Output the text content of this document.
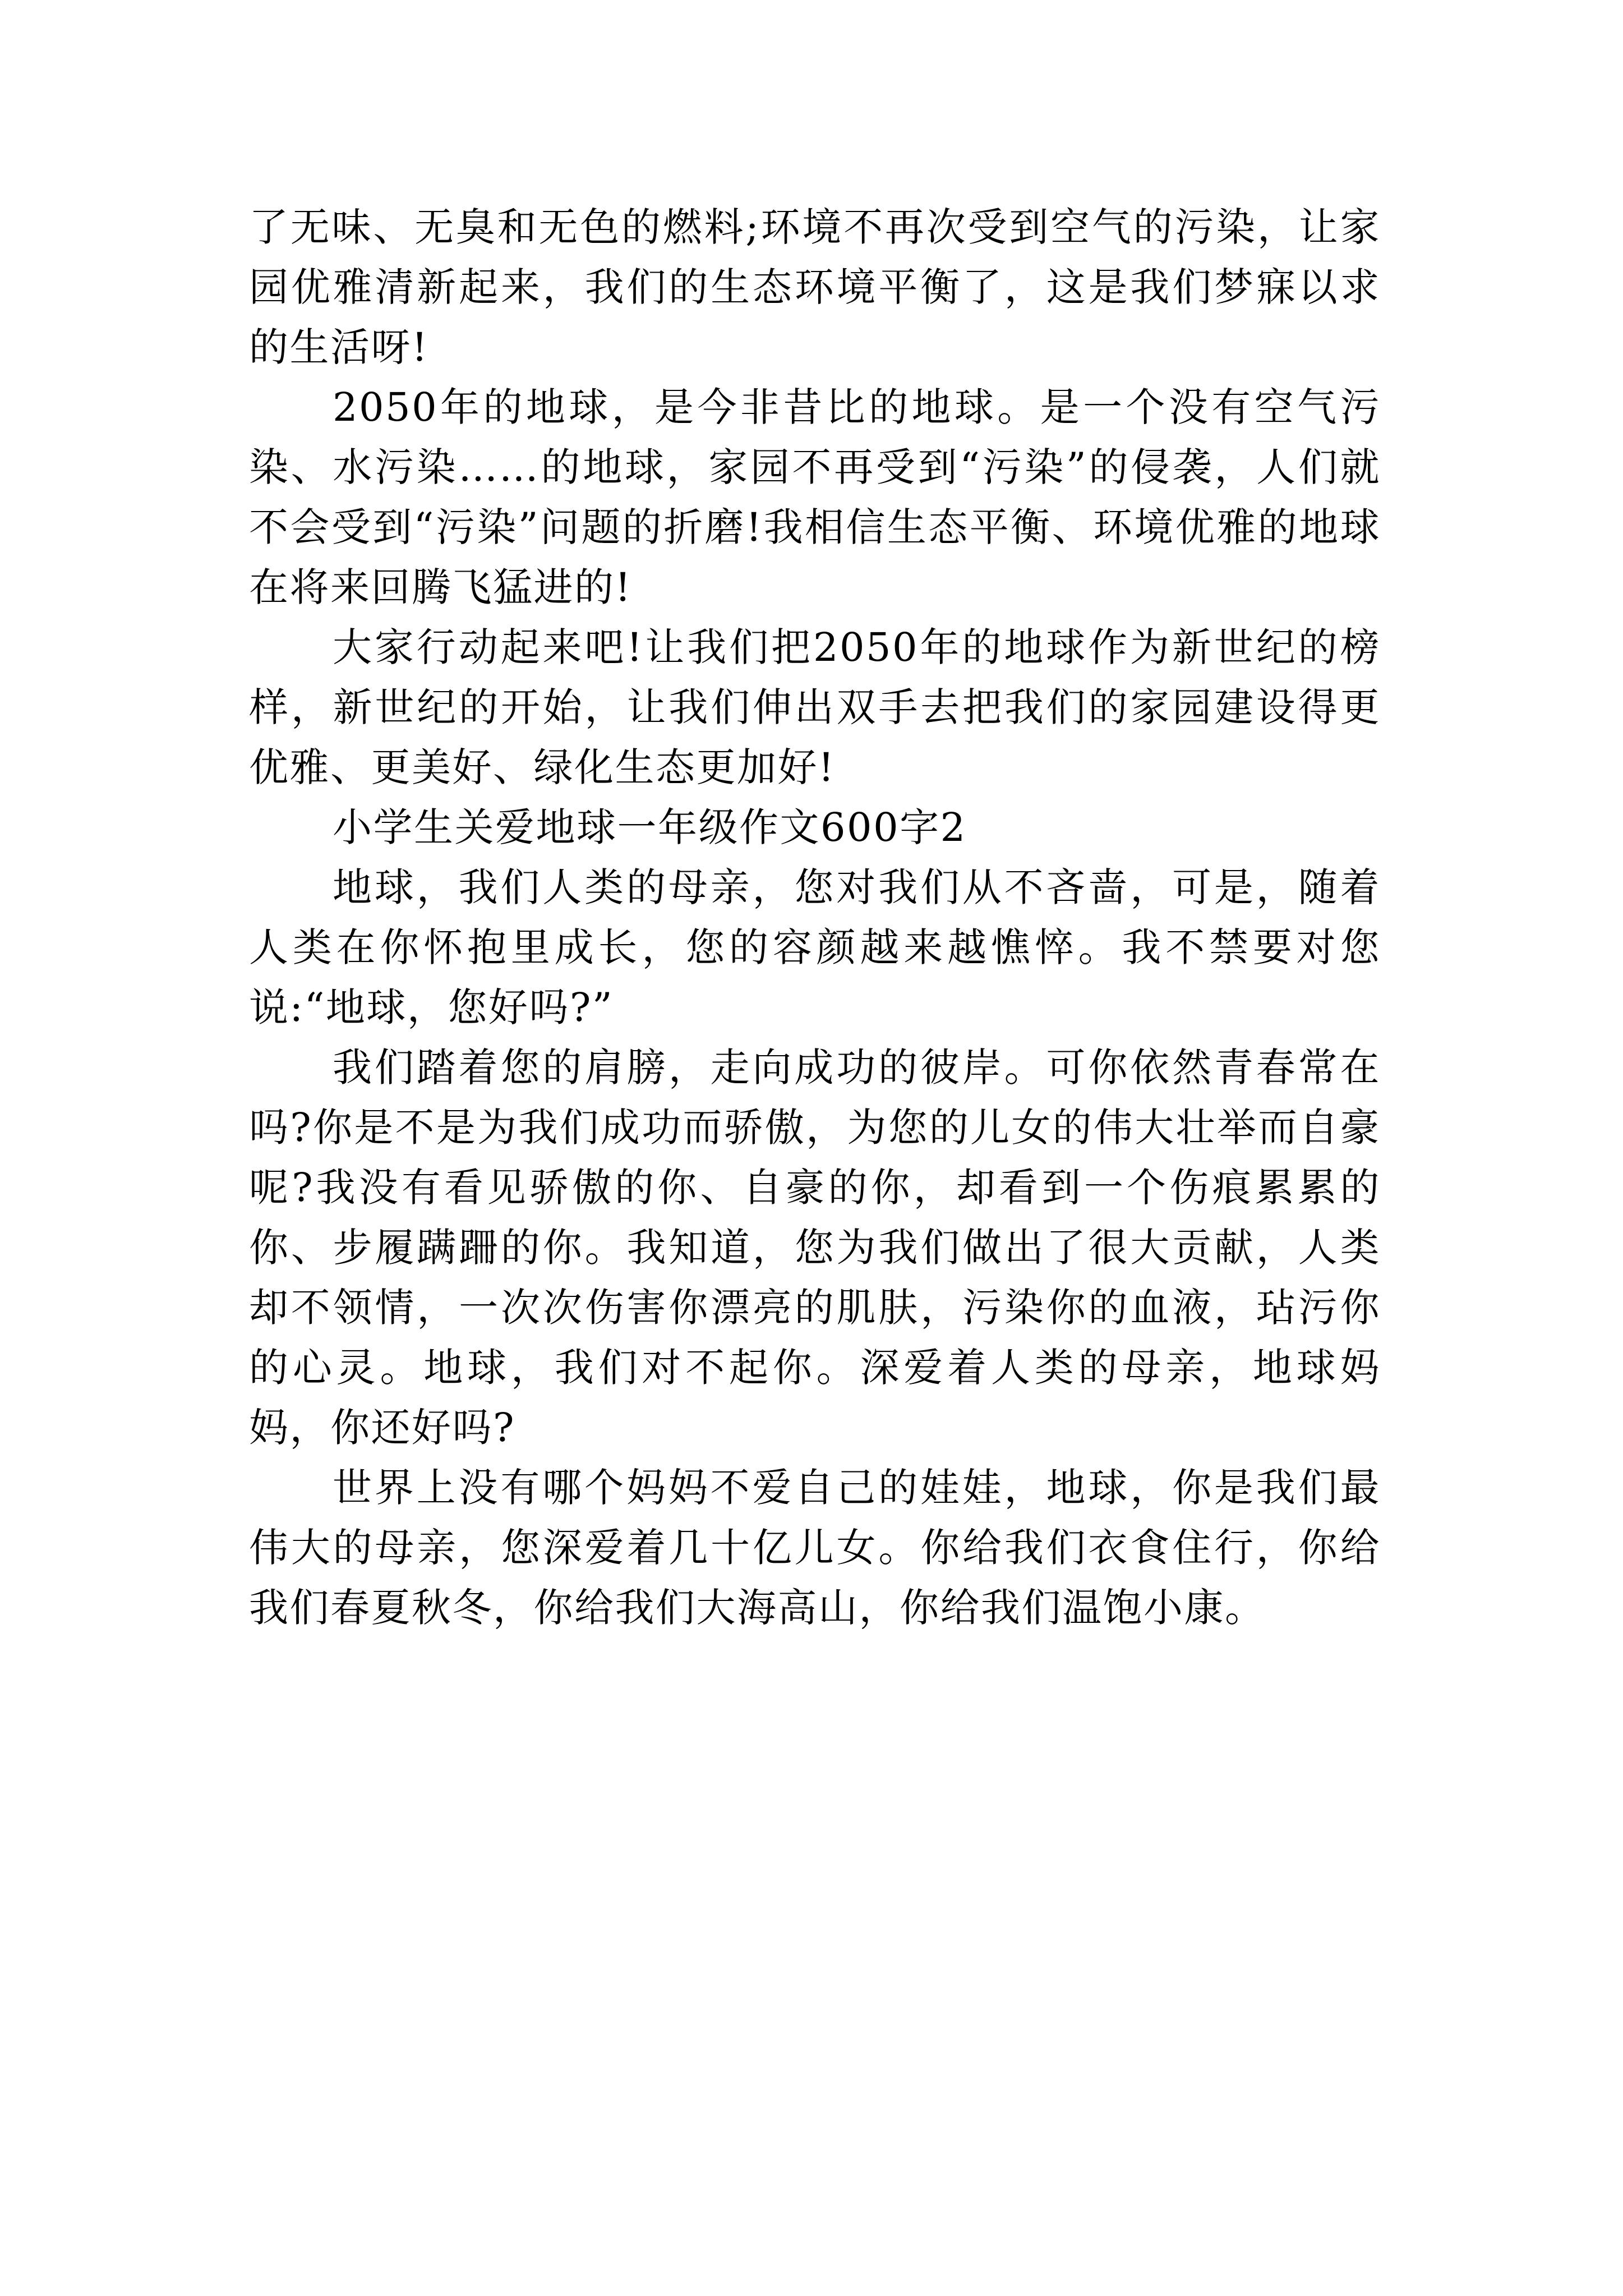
了无味、无臭和无色的燃料;环境不再次受到空气的污染，让家园优雅清新起来，我们的生态环境平衡了，这是我们梦寐以求的生活呀!

2050年的地球，是今非昔比的地球。是一个没有空气污染、水污染……的地球，家园不再受到“污染”的侵袭，人们就不会受到“污染”问题的折磨!我相信生态平衡、环境优雅的地球在将来回腾飞猛进的!

大家行动起来吧!让我们把2050年的地球作为新世纪的榜样，新世纪的开始，让我们伸出双手去把我们的家园建设得更优雅、更美好、绿化生态更加好!

小学生关爱地球一年级作文600字2

地球，我们人类的母亲，您对我们从不吝啬，可是，随着人类在你怀抱里成长，您的容颜越来越憔悴。我不禁要对您说:“地球，您好吗?”

我们踏着您的肩膀，走向成功的彼岸。可你依然青春常在吗?你是不是为我们成功而骄傲，为您的儿女的伟大壮举而自豪呢?我没有看见骄傲的你、自豪的你，却看到一个伤痕累累的你、步履蹒跚的你。我知道，您为我们做出了很大贡献，人类却不领情，一次次伤害你漂亮的肌肤，污染你的血液，玷污你的心灵。地球，我们对不起你。深爱着人类的母亲，地球妈妈，你还好吗?

世界上没有哪个妈妈不爱自己的娃娃，地球，你是我们最伟大的母亲，您深爱着几十亿儿女。你给我们衣食住行，你给我们春夏秋冬，你给我们大海高山，你给我们温饱小康。
